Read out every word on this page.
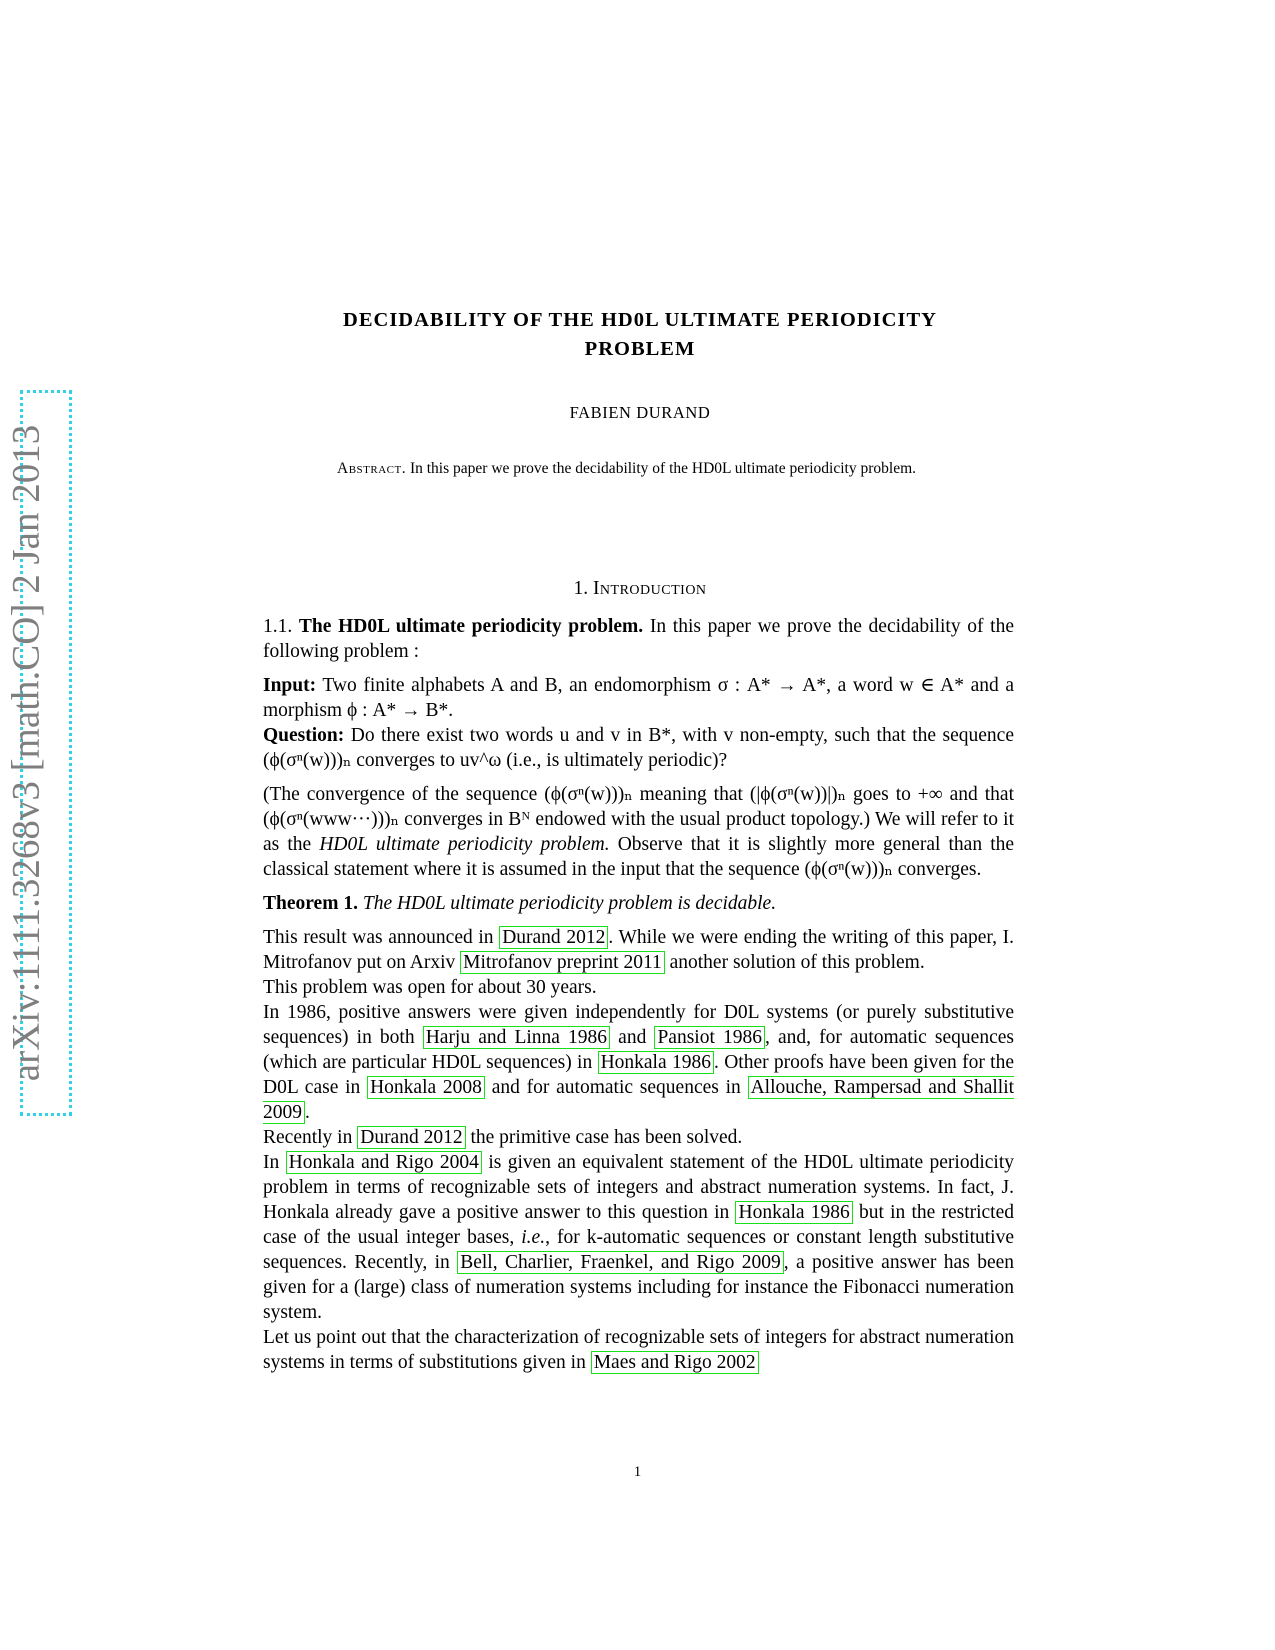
arXiv:1111.3268v3 [math.CO] 2 Jan 2013
DECIDABILITY OF THE HD0L ULTIMATE PERIODICITY
PROBLEM
FABIEN DURAND
Abstract. In this paper we prove the decidability of the HD0L ultimate periodicity problem.
1. Introduction

1.1. The HD0L ultimate periodicity problem. In this paper we prove the decidability of the following problem :

Input: Two finite alphabets A and B, an endomorphism σ : A* → A*, a word w ∈ A* and a morphism ϕ : A* → B*.

Question: Do there exist two words u and v in B*, with v non-empty, such that the sequence (ϕ(σⁿ(w)))ₙ converges to uv^ω (i.e., is ultimately periodic)?

(The convergence of the sequence (ϕ(σⁿ(w)))ₙ meaning that (|ϕ(σⁿ(w))|)ₙ goes to +∞ and that (ϕ(σⁿ(www···)))ₙ converges in Bᴺ endowed with the usual product topology.) We will refer to it as the HD0L ultimate periodicity problem. Observe that it is slightly more general than the classical statement where it is assumed in the input that the sequence (ϕ(σⁿ(w)))ₙ converges.

Theorem 1. The HD0L ultimate periodicity problem is decidable.

This result was announced in Durand 2012 . While we were ending the writing of this paper, I. Mitrofanov put on Arxiv Mitrofanov preprint 2011 another solution of this problem.

This problem was open for about 30 years.

In 1986, positive answers were given independently for D0L systems (or purely substitutive sequences) in both Harju and Linna 1986 and Pansiot 1986 , and, for automatic sequences (which are particular HD0L sequences) in Honkala 1986 . Other proofs have been given for the D0L case in Honkala 2008 and for automatic sequences in Allouche, Rampersad and Shallit 2009 .

Recently in Durand 2012 the primitive case has been solved.

In Honkala and Rigo 2004 is given an equivalent statement of the HD0L ultimate periodicity problem in terms of recognizable sets of integers and abstract numeration systems. In fact, J. Honkala already gave a positive answer to this question in Honkala 1986 but in the restricted case of the usual integer bases, i.e., for k-automatic sequences or constant length substitutive sequences. Recently, in Bell, Charlier, Fraenkel, and Rigo 2009 , a positive answer has been given for a (large) class of numeration systems including for instance the Fibonacci numeration system.

Let us point out that the characterization of recognizable sets of integers for abstract numeration systems in terms of substitutions given in Maes and Rigo 2002

1
